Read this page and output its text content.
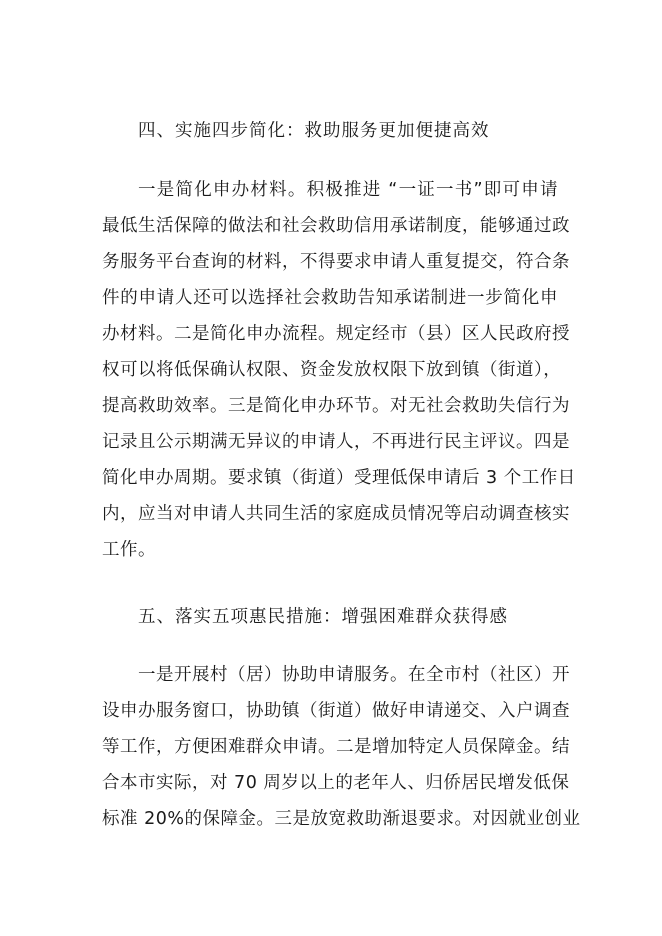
四、实施四步简化：救助服务更加便捷高效
一是简化申办材料。积极推进 “一证一书”即可申请
最低生活保障的做法和社会救助信用承诺制度，能够通过政
务服务平台查询的材料，不得要求申请人重复提交，符合条
件的申请人还可以选择社会救助告知承诺制进一步简化申
办材料。二是简化申办流程。规定经市（县）区人民政府授
权可以将低保确认权限、资金发放权限下放到镇（街道），
提高救助效率。三是简化申办环节。对无社会救助失信行为
记录且公示期满无异议的申请人，不再进行民主评议。四是
简化申办周期。要求镇（街道）受理低保申请后 3 个工作日
内，应当对申请人共同生活的家庭成员情况等启动调查核实
工作。
五、落实五项惠民措施：增强困难群众获得感
一是开展村（居）协助申请服务。在全市村（社区）开
设申办服务窗口，协助镇（街道）做好申请递交、入户调查
等工作，方便困难群众申请。二是增加特定人员保障金。结
合本市实际，对 70 周岁以上的老年人、归侨居民增发低保
标准 20%的保障金。三是放宽救助渐退要求。对因就业创业
